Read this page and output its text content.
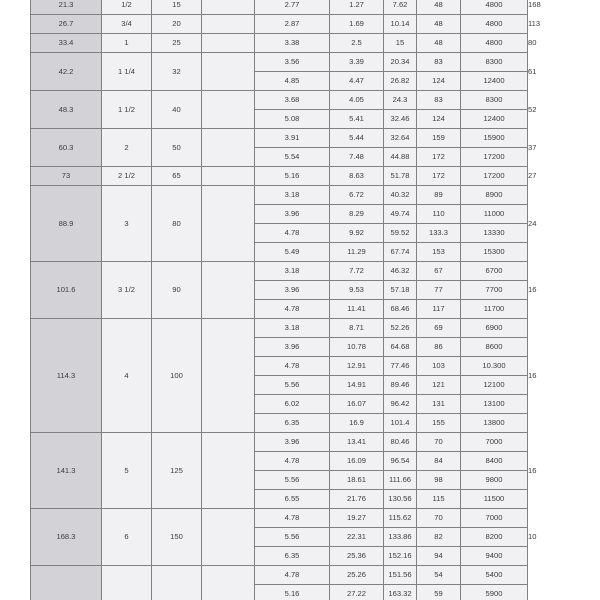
21.3	1/2	15		2.77	1.27	7.62	48	4800	168
26.7	3/4	20		2.87	1.69	10.14	48	4800	113
33.4	1	25		3.38	2.5	15	48	4800	80
42.2	1 1/4	32		3.56	3.39	20.34	83	8300	61
				4.85	4.47	26.82	124	12400	
48.3	1 1/2	40		3.68	4.05	24.3	83	8300	52
				5.08	5.41	32.46	124	12400	
60.3	2	50		3.91	5.44	32.64	159	15900	37
				5.54	7.48	44.88	172	17200	
73	2 1/2	65		5.16	8.63	51.78	172	17200	27
88.9	3	80		3.18	6.72	40.32	89	8900	24
				3.96	8.29	49.74	110	11000	
				4.78	9.92	59.52	133.3	13330	
				5.49	11.29	67.74	153	15300	
101.6	3 1/2	90		3.18	7.72	46.32	67	6700	16
				3.96	9.53	57.18	77	7700	
				4.78	11.41	68.46	117	11700	
114.3	4	100		3.18	8.71	52.26	69	6900	16
				3.96	10.78	64.68	86	8600	
				4.78	12.91	77.46	103	10.300	
				5.56	14.91	89.46	121	12100	
				6.02	16.07	96.42	131	13100	
				6.35	16.9	101.4	155	13800	
141.3	5	125		3.96	13.41	80.46	70	7000	16
				4.78	16.09	96.54	84	8400	
				5.56	18.61	111.66	98	9800	
				6.55	21.76	130.56	115	11500	
168.3	6	150		4.78	19.27	115.62	70	7000	10
				5.56	22.31	133.86	82	8200	
				6.35	25.36	152.16	94	9400	
				4.78	25.26	151.56	54	5400	
				5.16	27.22	163.32	59	5900	
